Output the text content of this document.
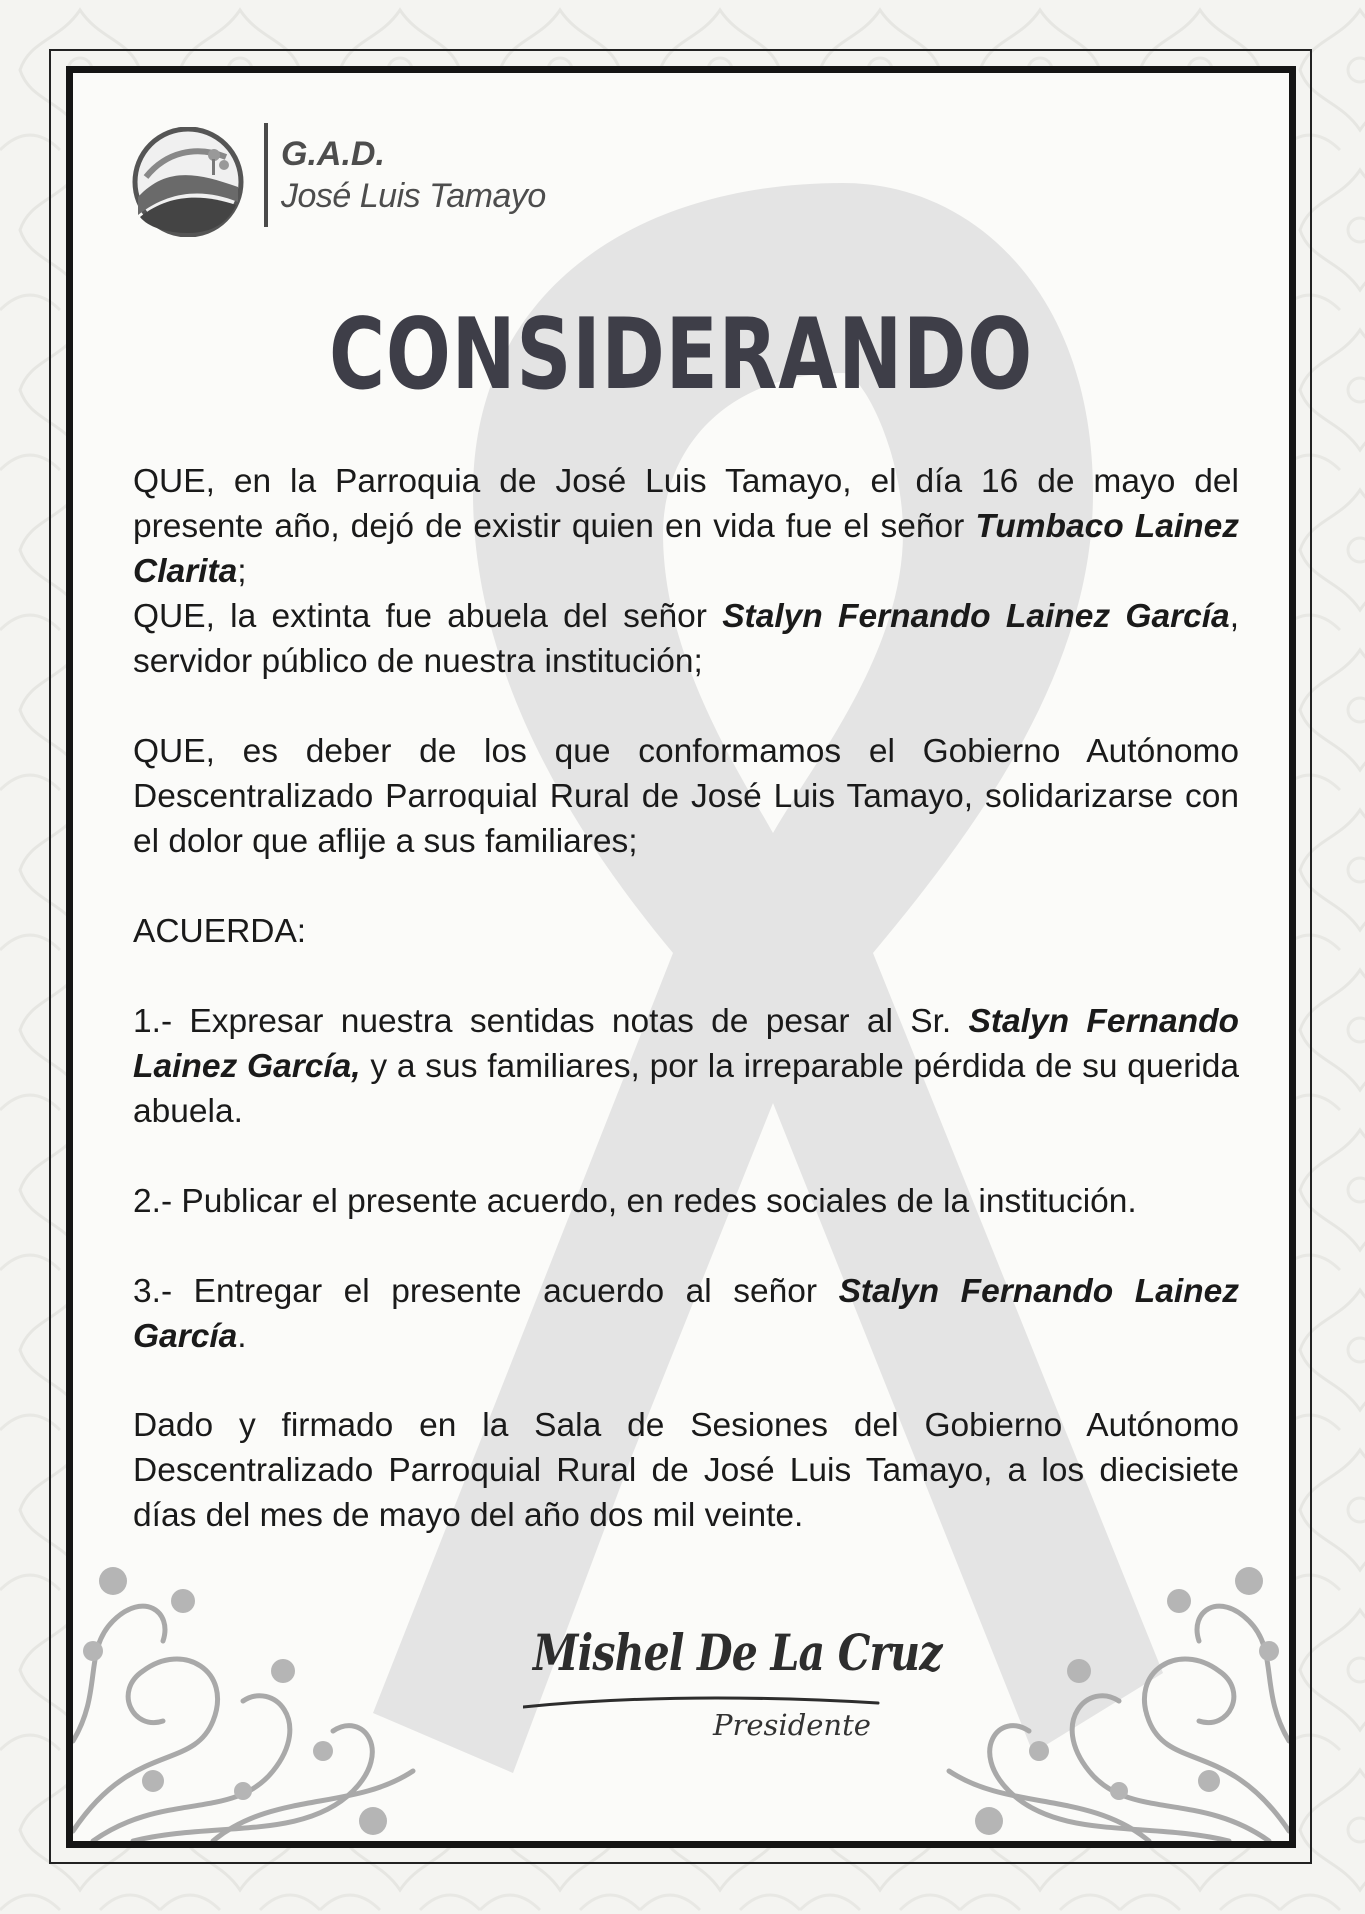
G.A.D.
José Luis Tamayo
CONSIDERANDO
QUE, en la Parroquia de José Luis Tamayo, el día 16 de mayo del presente año, dejó de existir quien en vida fue el señor Tumbaco Lainez Clarita;
QUE, la extinta fue abuela del señor Stalyn Fernando Lainez García, servidor público de nuestra institución;
QUE, es deber de los que conformamos el Gobierno Autónomo Descentralizado Parroquial Rural de José Luis Tamayo, solidarizarse con el dolor que aflije a sus familiares;
ACUERDA:
1.- Expresar nuestra sentidas notas de pesar al Sr. Stalyn Fernando Lainez García, y a sus familiares, por la irreparable pérdida de su querida abuela.
2.- Publicar el presente acuerdo, en redes sociales de la institución.
3.- Entregar el presente acuerdo al señor Stalyn Fernando Lainez García.
Dado y firmado en la Sala de Sesiones del Gobierno Autónomo Descentralizado Parroquial Rural de José Luis Tamayo, a los diecisiete días del mes de mayo del año dos mil veinte.
Mishel De La Cruz
Presidente
